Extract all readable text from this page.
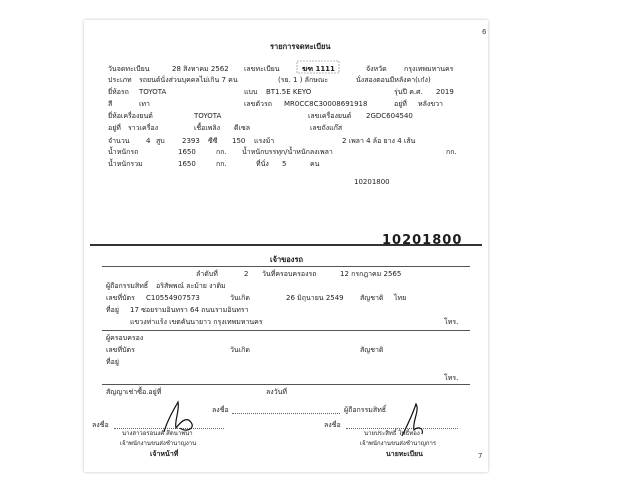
รายการจดทะเบียน
วันจดทะเบียน	28 สิงหาคม 2562 เลขทะเบียน	ฆฑ 1111	จังหวัด กรุงเทพมหานคร
ประเภท รถยนต์นั่งส่วนบุคคลไม่เกิน 7 คน	(รย. 1 ) ลักษณะ	นั่งสองตอนมีหลังคา(เก๋ง)
ยี่ห้อรถ TOYOTA	แบบ BT1.5E KEYO	รุ่นปี ค.ศ. 2019
สี	เทา	เลขตัวรถ MR0CC8C30008691918	อยู่ที่ หลังขวา
ยี่ห้อเครื่องยนต์	TOYOTA	เลขเครื่องยนต์ 2GDC604540
อยู่ที่ ราวเครื่อง	เชื้อเพลิง ดีเซล	เลขถังแก๊ส
จำนวน 4 สูบ 2393 ซีซี 150 แรงม้า	2 เพลา 4 ล้อ ยาง 4 เส้น
น้ำหนักรถ	1650	กก. น้ำหนักบรรทุก/น้ำหนักลงเพลา	กก.
น้ำหนักรวม	1650	กก.	ที่นั่ง 5	คน
10201800
10201800
เจ้าของรถ
ลำดับที่	2 วันที่ครอบครองรถ	12 กรกฎาคม 2565
ผู้ถือกรรมสิทธิ์ อริสัพพณ์ ละม้าย งาติม
เลขที่บัตร C10554907573	วันเกิด	26 มิถุนายน 2549 สัญชาติ ไทย
ที่อยู่ 17 ซอยรามอินทรา 64 ถนนรามอินทรา
แขวงท่าแร้ง เขตคันนายาว กรุงเทพมหานคร	โทร.
ผู้ครอบครอง
เลขที่บัตร	วันเกิด	สัญชาติ
ที่อยู่
โทร.
สัญญาเช่าซื้อ.อยู่ที่	ลงวันที่
ลงชื่อ	ผู้ถือกรรมสิทธิ์
ลงชื่อ
นางสาวอรอนงค์ สีดนาพนา
เจ้าพนักงานขนส่งชำนาญงาน
เจ้าหน้าที่
ลงชื่อ
นายประสิทธิ์ โพธิ์ทอง
เจ้าพนักงานขนส่งชำนาญการ
นายทะเบียน
6
7
